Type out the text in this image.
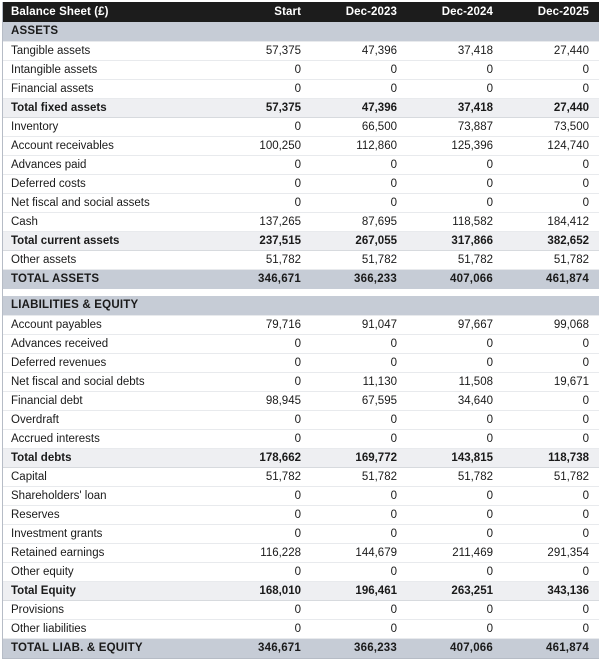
Balance Sheet (£)	Start	Dec-2023	Dec-2024	Dec-2025
ASSETS				
Tangible assets	57,375	47,396	37,418	27,440
Intangible assets	0	0	0	0
Financial assets	0	0	0	0
Total fixed assets	57,375	47,396	37,418	27,440
Inventory	0	66,500	73,887	73,500
Account receivables	100,250	112,860	125,396	124,740
Advances paid	0	0	0	0
Deferred costs	0	0	0	0
Net fiscal and social assets	0	0	0	0
Cash	137,265	87,695	118,582	184,412
Total current assets	237,515	267,055	317,866	382,652
Other assets	51,782	51,782	51,782	51,782
TOTAL ASSETS	346,671	366,233	407,066	461,874

LIABILITIES & EQUITY				
Account payables	79,716	91,047	97,667	99,068
Advances received	0	0	0	0
Deferred revenues	0	0	0	0
Net fiscal and social debts	0	11,130	11,508	19,671
Financial debt	98,945	67,595	34,640	0
Overdraft	0	0	0	0
Accrued interests	0	0	0	0
Total debts	178,662	169,772	143,815	118,738
Capital	51,782	51,782	51,782	51,782
Shareholders' loan	0	0	0	0
Reserves	0	0	0	0
Investment grants	0	0	0	0
Retained earnings	116,228	144,679	211,469	291,354
Other equity	0	0	0	0
Total Equity	168,010	196,461	263,251	343,136
Provisions	0	0	0	0
Other liabilities	0	0	0	0
TOTAL LIAB. & EQUITY	346,671	366,233	407,066	461,874
